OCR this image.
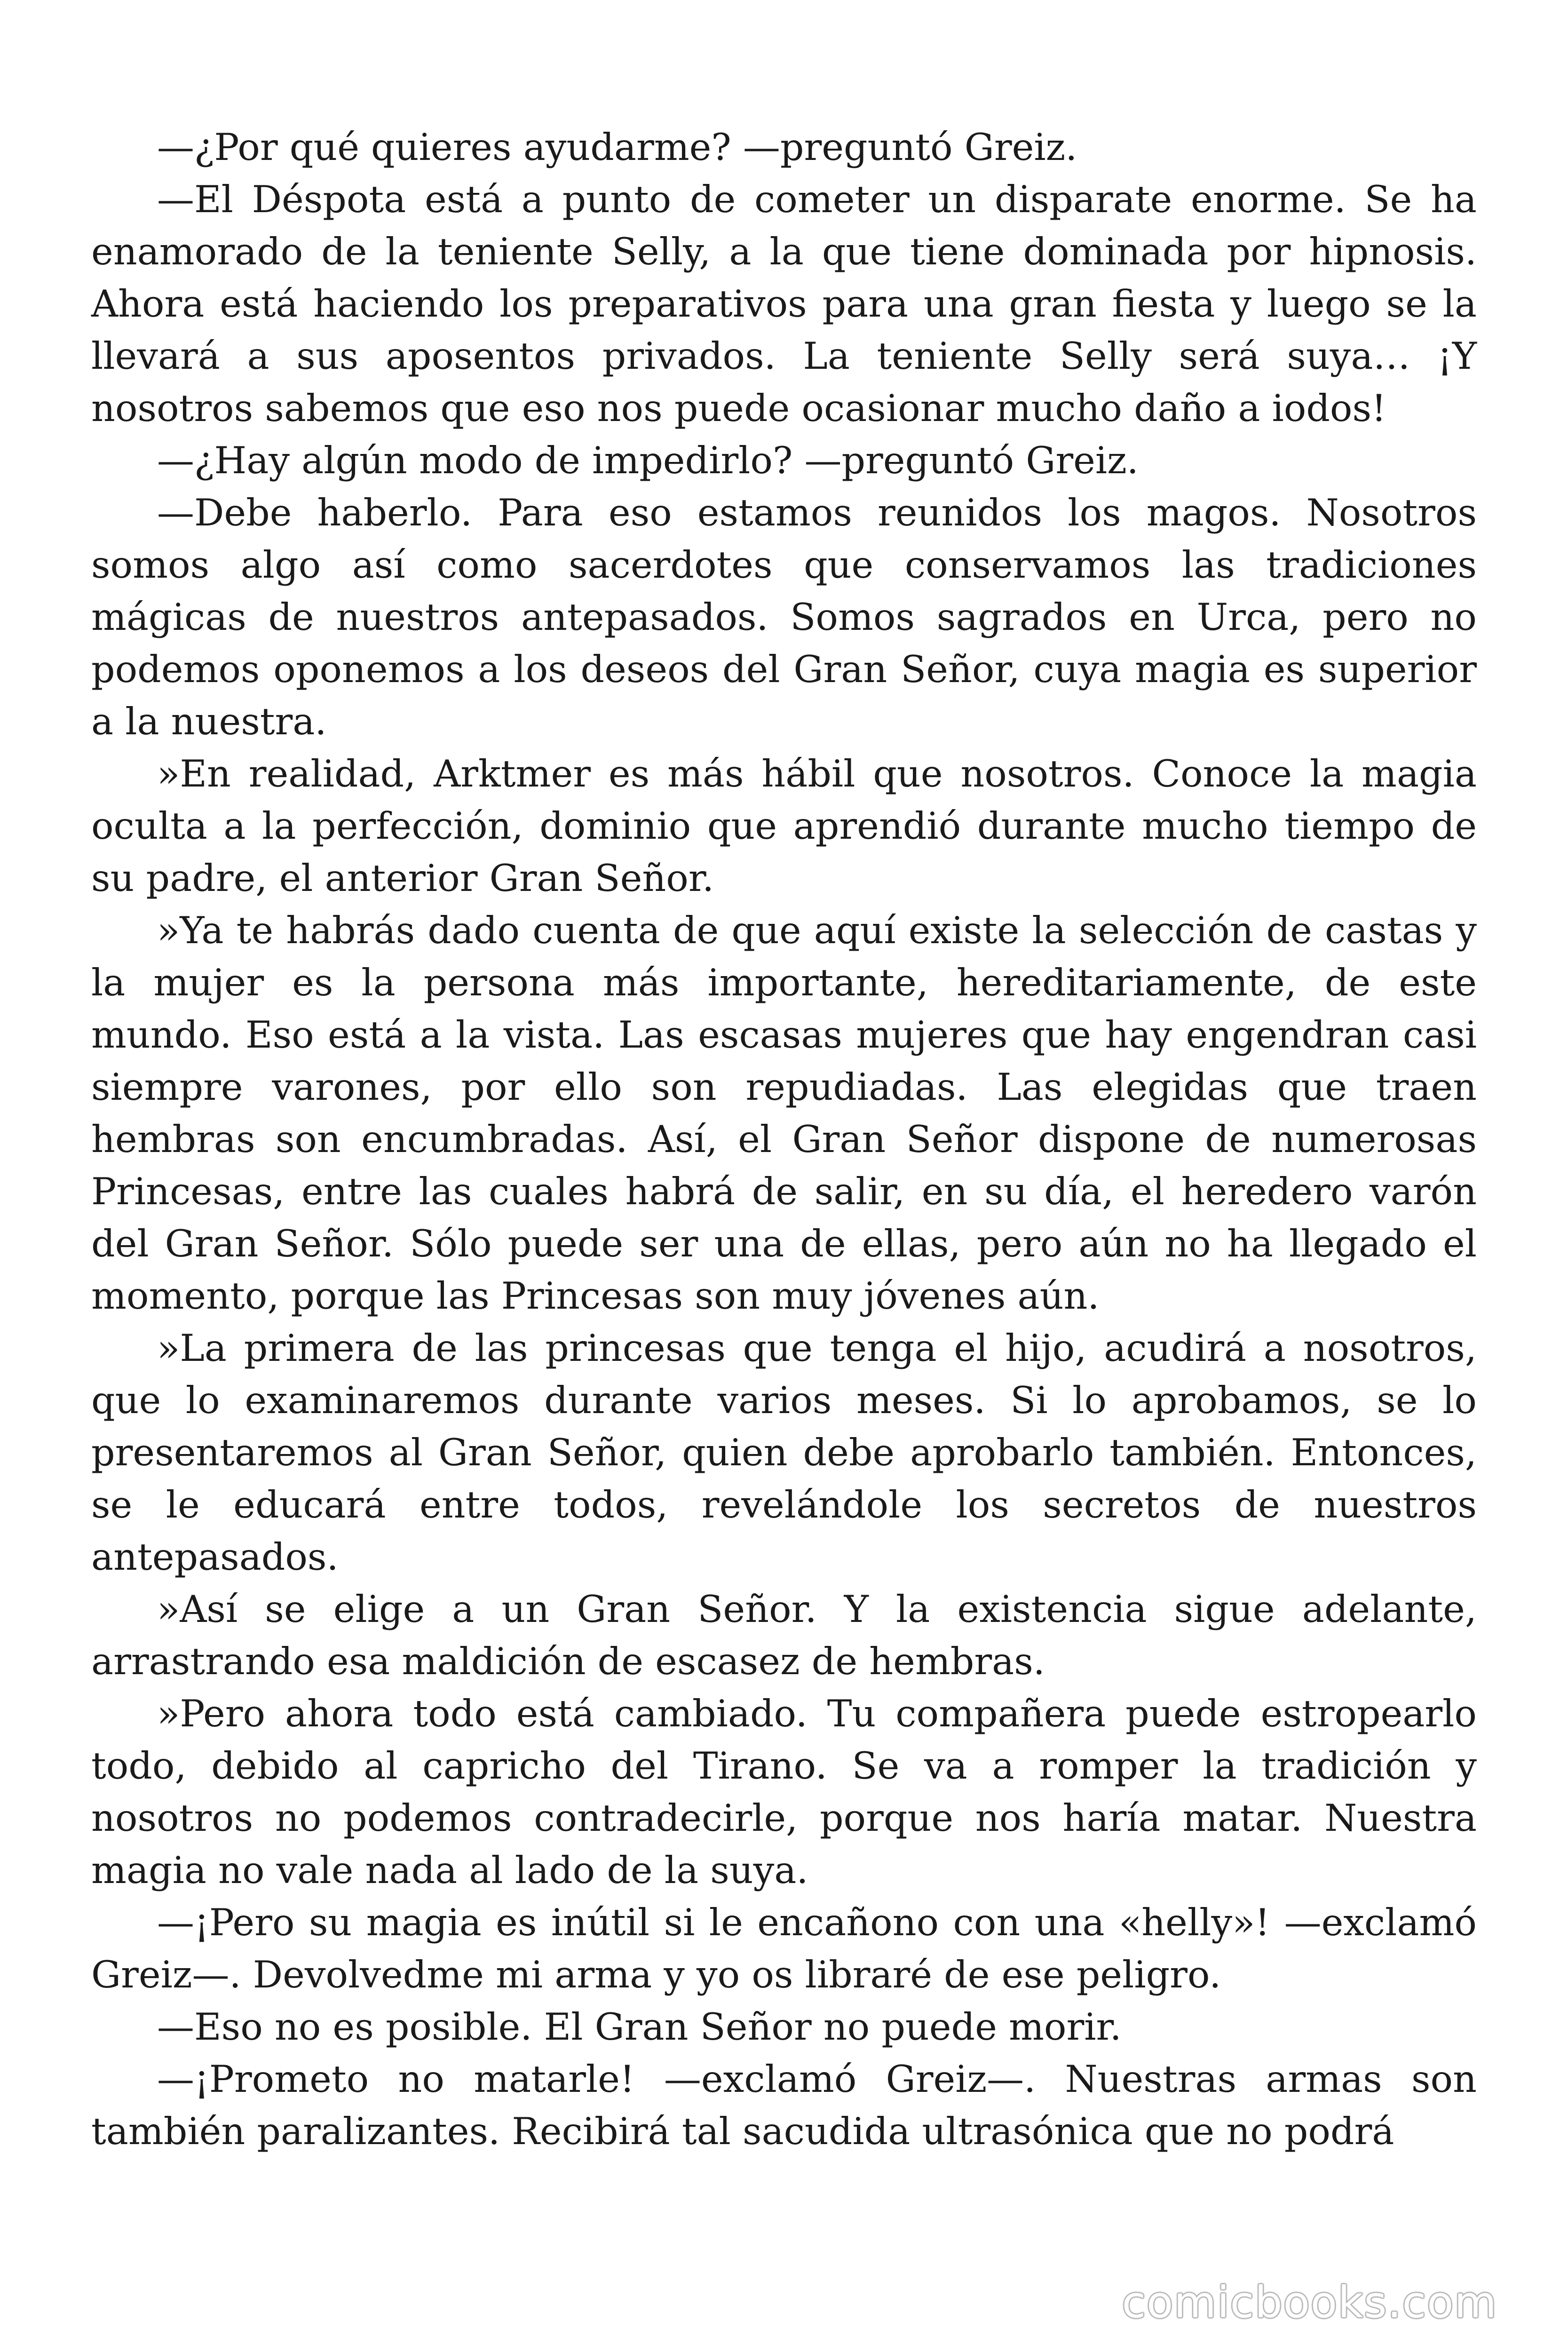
—¿Por qué quieres ayudarme? —preguntó Greiz.

—El Déspota está a punto de cometer un disparate enorme. Se ha enamorado de la teniente Selly, a la que tiene dominada por hipnosis. Ahora está haciendo los preparativos para una gran fiesta y luego se la llevará a sus aposentos privados. La teniente Selly será suya… ¡Y nosotros sabemos que eso nos puede ocasionar mucho daño a iodos!

—¿Hay algún modo de impedirlo? —preguntó Greiz.

—Debe haberlo. Para eso estamos reunidos los magos. Nosotros somos algo así como sacerdotes que conservamos las tradiciones mágicas de nuestros antepasados. Somos sagrados en Urca, pero no podemos oponemos a los deseos del Gran Señor, cuya magia es superior a la nuestra.

»En realidad, Arktmer es más hábil que nosotros. Conoce la magia oculta a la perfección, dominio que aprendió durante mucho tiempo de su padre, el anterior Gran Señor.

»Ya te habrás dado cuenta de que aquí existe la selección de castas y la mujer es la persona más importante, hereditariamente, de este mundo. Eso está a la vista. Las escasas mujeres que hay engendran casi siempre varones, por ello son repudiadas. Las elegidas que traen hembras son encumbradas. Así, el Gran Señor dispone de numerosas Princesas, entre las cuales habrá de salir, en su día, el heredero varón del Gran Señor. Sólo puede ser una de ellas, pero aún no ha llegado el momento, porque las Princesas son muy jóvenes aún.

»La primera de las princesas que tenga el hijo, acudirá a nosotros, que lo examinaremos durante varios meses. Si lo aprobamos, se lo presentaremos al Gran Señor, quien debe aprobarlo también. Entonces, se le educará entre todos, revelándole los secretos de nuestros antepasados.

»Así se elige a un Gran Señor. Y la existencia sigue adelante, arrastrando esa maldición de escasez de hembras.

»Pero ahora todo está cambiado. Tu compañera puede estropearlo todo, debido al capricho del Tirano. Se va a romper la tradición y nosotros no podemos contradecirle, porque nos haría matar. Nuestra magia no vale nada al lado de la suya.

—¡Pero su magia es inútil si le encañono con una «helly»! —exclamó Greiz—. Devolvedme mi arma y yo os libraré de ese peligro.

—Eso no es posible. El Gran Señor no puede morir.

—¡Prometo no matarle! —exclamó Greiz—. Nuestras armas son también paralizantes. Recibirá tal sacudida ultrasónica que no podrá

comicbooks.com
